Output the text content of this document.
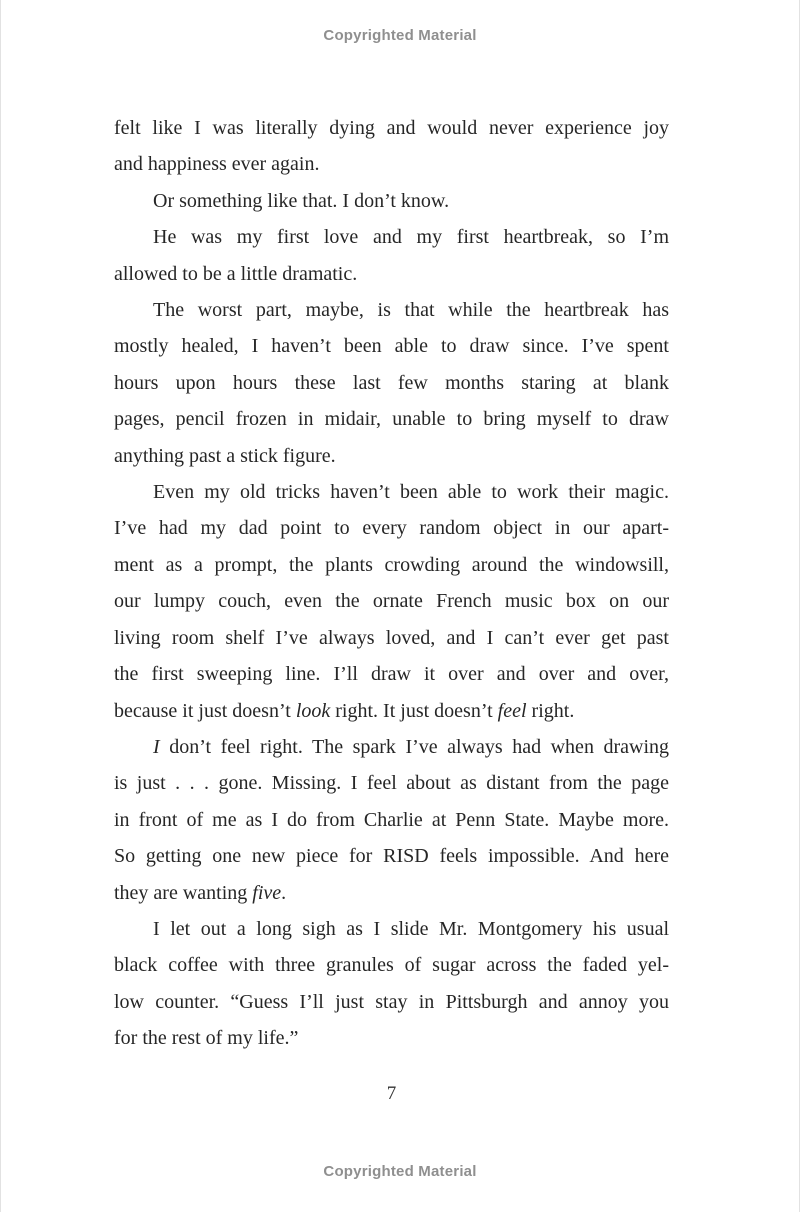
Copyrighted Material

felt like I was literally dying and would never experience joy
and happiness ever again.

Or something like that. I don’t know.

He was my first love and my first heartbreak, so I’m
allowed to be a little dramatic.

The worst part, maybe, is that while the heartbreak has
mostly healed, I haven’t been able to draw since. I’ve spent
hours upon hours these last few months staring at blank
pages, pencil frozen in midair, unable to bring myself to draw
anything past a stick figure.

Even my old tricks haven’t been able to work their magic.
I’ve had my dad point to every random object in our apart-
ment as a prompt, the plants crowding around the windowsill,
our lumpy couch, even the ornate French music box on our
living room shelf I’ve always loved, and I can’t ever get past
the first sweeping line. I’ll draw it over and over and over,
because it just doesn’t look right. It just doesn’t feel right.

I don’t feel right. The spark I’ve always had when drawing
is just . . . gone. Missing. I feel about as distant from the page
in front of me as I do from Charlie at Penn State. Maybe more.
So getting one new piece for RISD feels impossible. And here
they are wanting five.

I let out a long sigh as I slide Mr. Montgomery his usual
black coffee with three granules of sugar across the faded yel-
low counter. “Guess I’ll just stay in Pittsburgh and annoy you
for the rest of my life.”

7
Copyrighted Material
